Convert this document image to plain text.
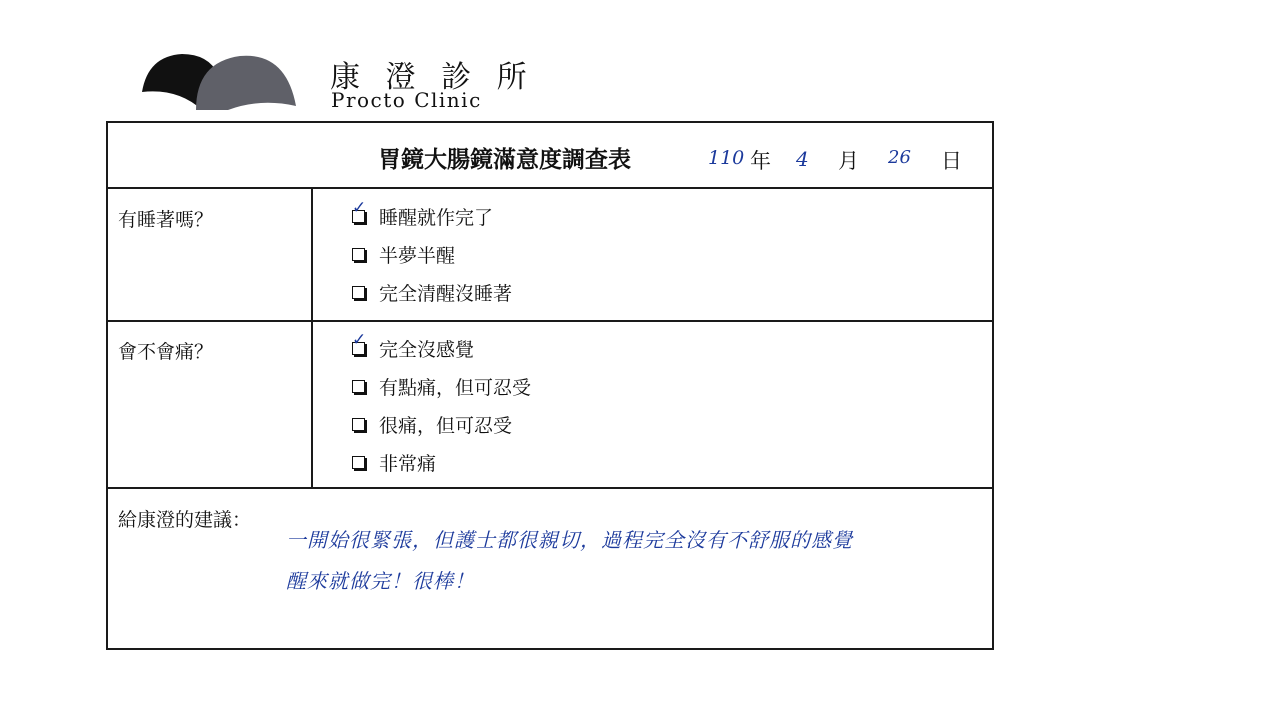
康 澄 診 所
Procto Clinic
胃鏡大腸鏡滿意度調查表	110 年 4 月 26 日
有睡著嗎？
✓ 睡醒就作完了
半夢半醒
完全清醒沒睡著
會不會痛？
✓ 完全沒感覺
有點痛，但可忍受
很痛，但可忍受
非常痛
給康澄的建議：
一開始很緊張，但護士都很親切，過程完全沒有不舒服的感覺
醒來就做完！很棒！
